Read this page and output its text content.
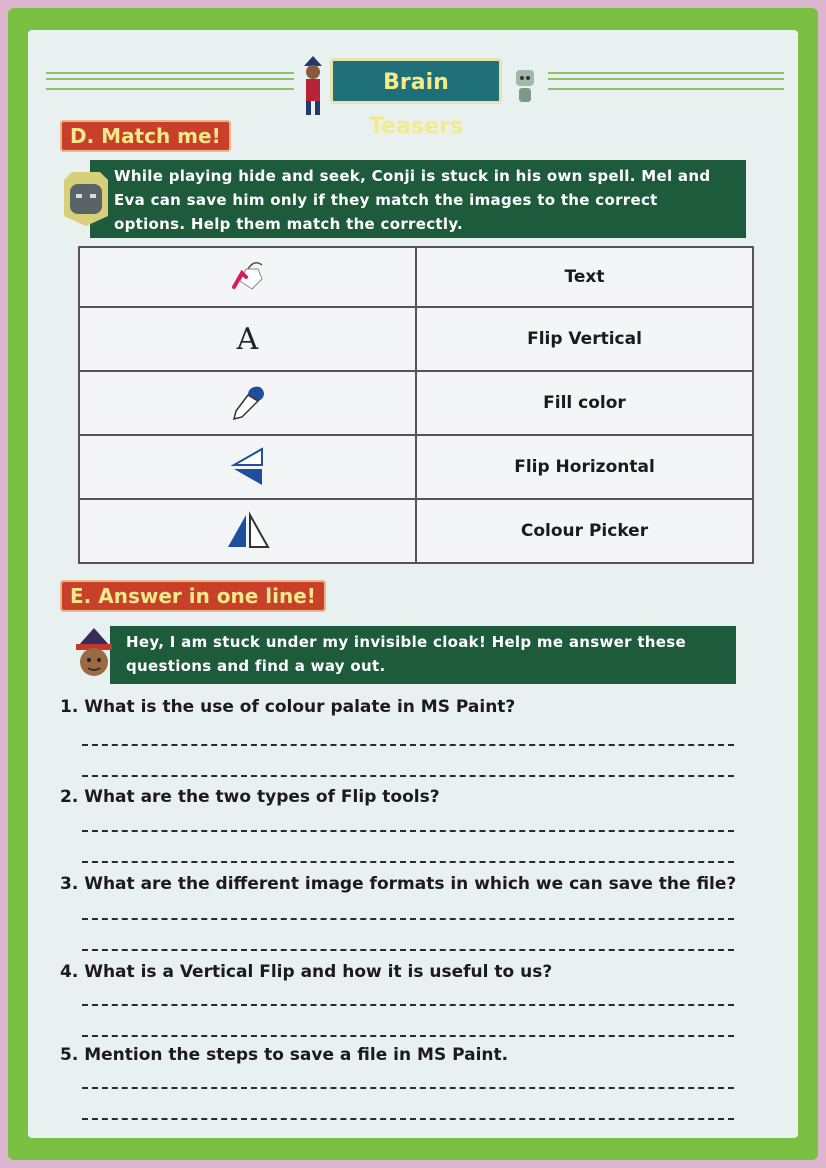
Brain Teasers
D. Match me!
While playing hide and seek, Conji is stuck in his own spell. Mel and Eva can save him only if they match the images to the correct options. Help them match the correctly.
	Text
A	Flip Vertical

	Fill color

	Flip Horizontal

	Colour Picker
E. Answer in one line!
Hey, I am stuck under my invisible cloak! Help me answer these questions and find a way out.
1. What is the use of colour palate in MS Paint?
2. What are the two types of Flip tools?
3. What are the different image formats in which we can save the file?
4. What is a Vertical Flip and how it is useful to us?
5. Mention the steps to save a file in MS Paint.
